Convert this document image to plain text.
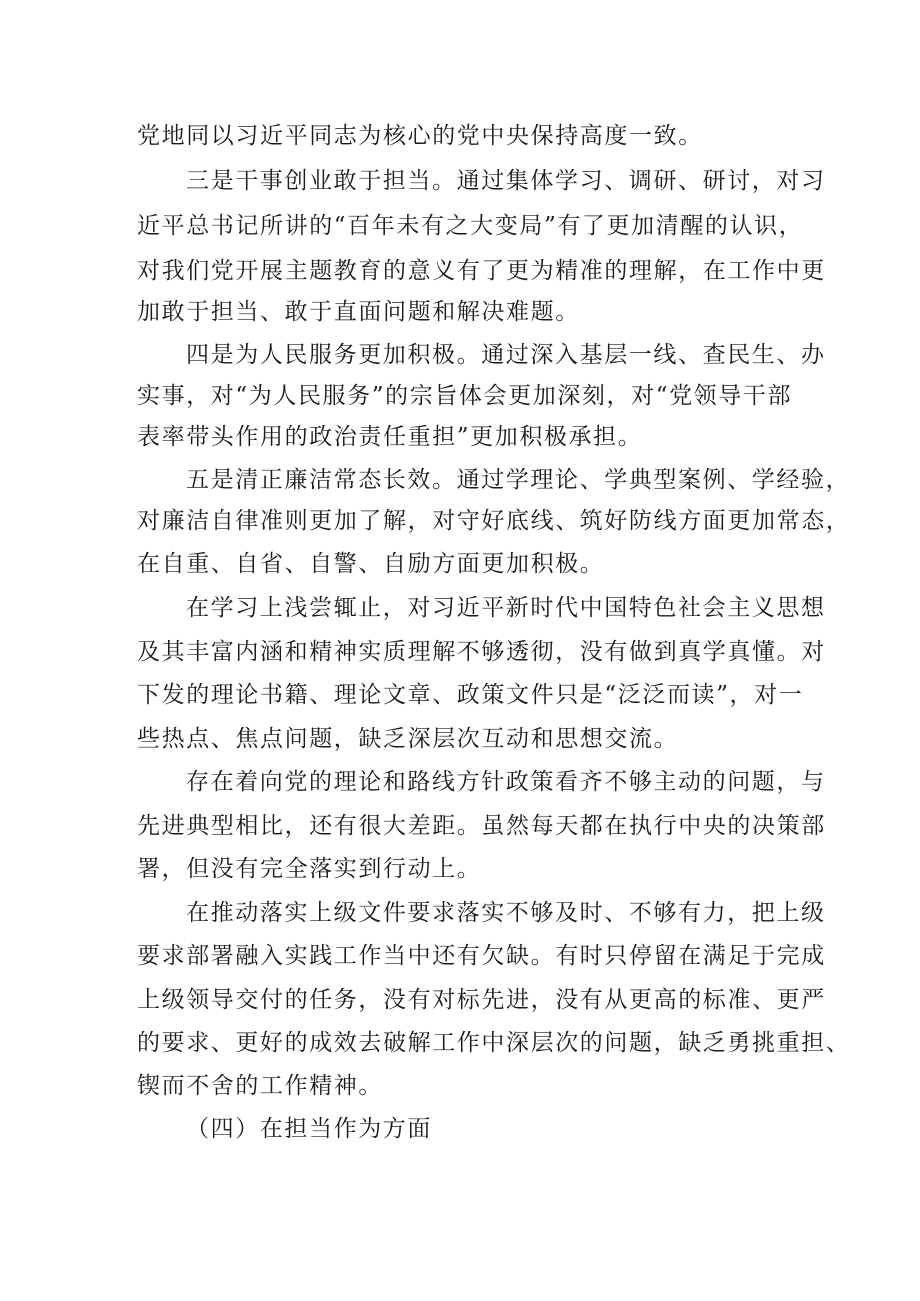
党地同以习近平同志为核心的党中央保持高度一致。
三是干事创业敢于担当。通过集体学习、调研、研讨，对习
近平总书记所讲的“百年未有之大变局”有了更加清醒的认识，
对我们党开展主题教育的意义有了更为精准的理解，在工作中更
加敢于担当、敢于直面问题和解决难题。
四是为人民服务更加积极。通过深入基层一线、查民生、办
实事，对“为人民服务”的宗旨体会更加深刻，对“党领导干部
表率带头作用的政治责任重担”更加积极承担。
五是清正廉洁常态长效。通过学理论、学典型案例、学经验，
对廉洁自律准则更加了解，对守好底线、筑好防线方面更加常态，
在自重、自省、自警、自励方面更加积极。
在学习上浅尝辄止，对习近平新时代中国特色社会主义思想
及其丰富内涵和精神实质理解不够透彻，没有做到真学真懂。对
下发的理论书籍、理论文章、政策文件只是“泛泛而读”，对一
些热点、焦点问题，缺乏深层次互动和思想交流。
存在着向党的理论和路线方针政策看齐不够主动的问题，与
先进典型相比，还有很大差距。虽然每天都在执行中央的决策部
署，但没有完全落实到行动上。
在推动落实上级文件要求落实不够及时、不够有力，把上级
要求部署融入实践工作当中还有欠缺。有时只停留在满足于完成
上级领导交付的任务，没有对标先进，没有从更高的标准、更严
的要求、更好的成效去破解工作中深层次的问题，缺乏勇挑重担、
锲而不舍的工作精神。
（四）在担当作为方面
